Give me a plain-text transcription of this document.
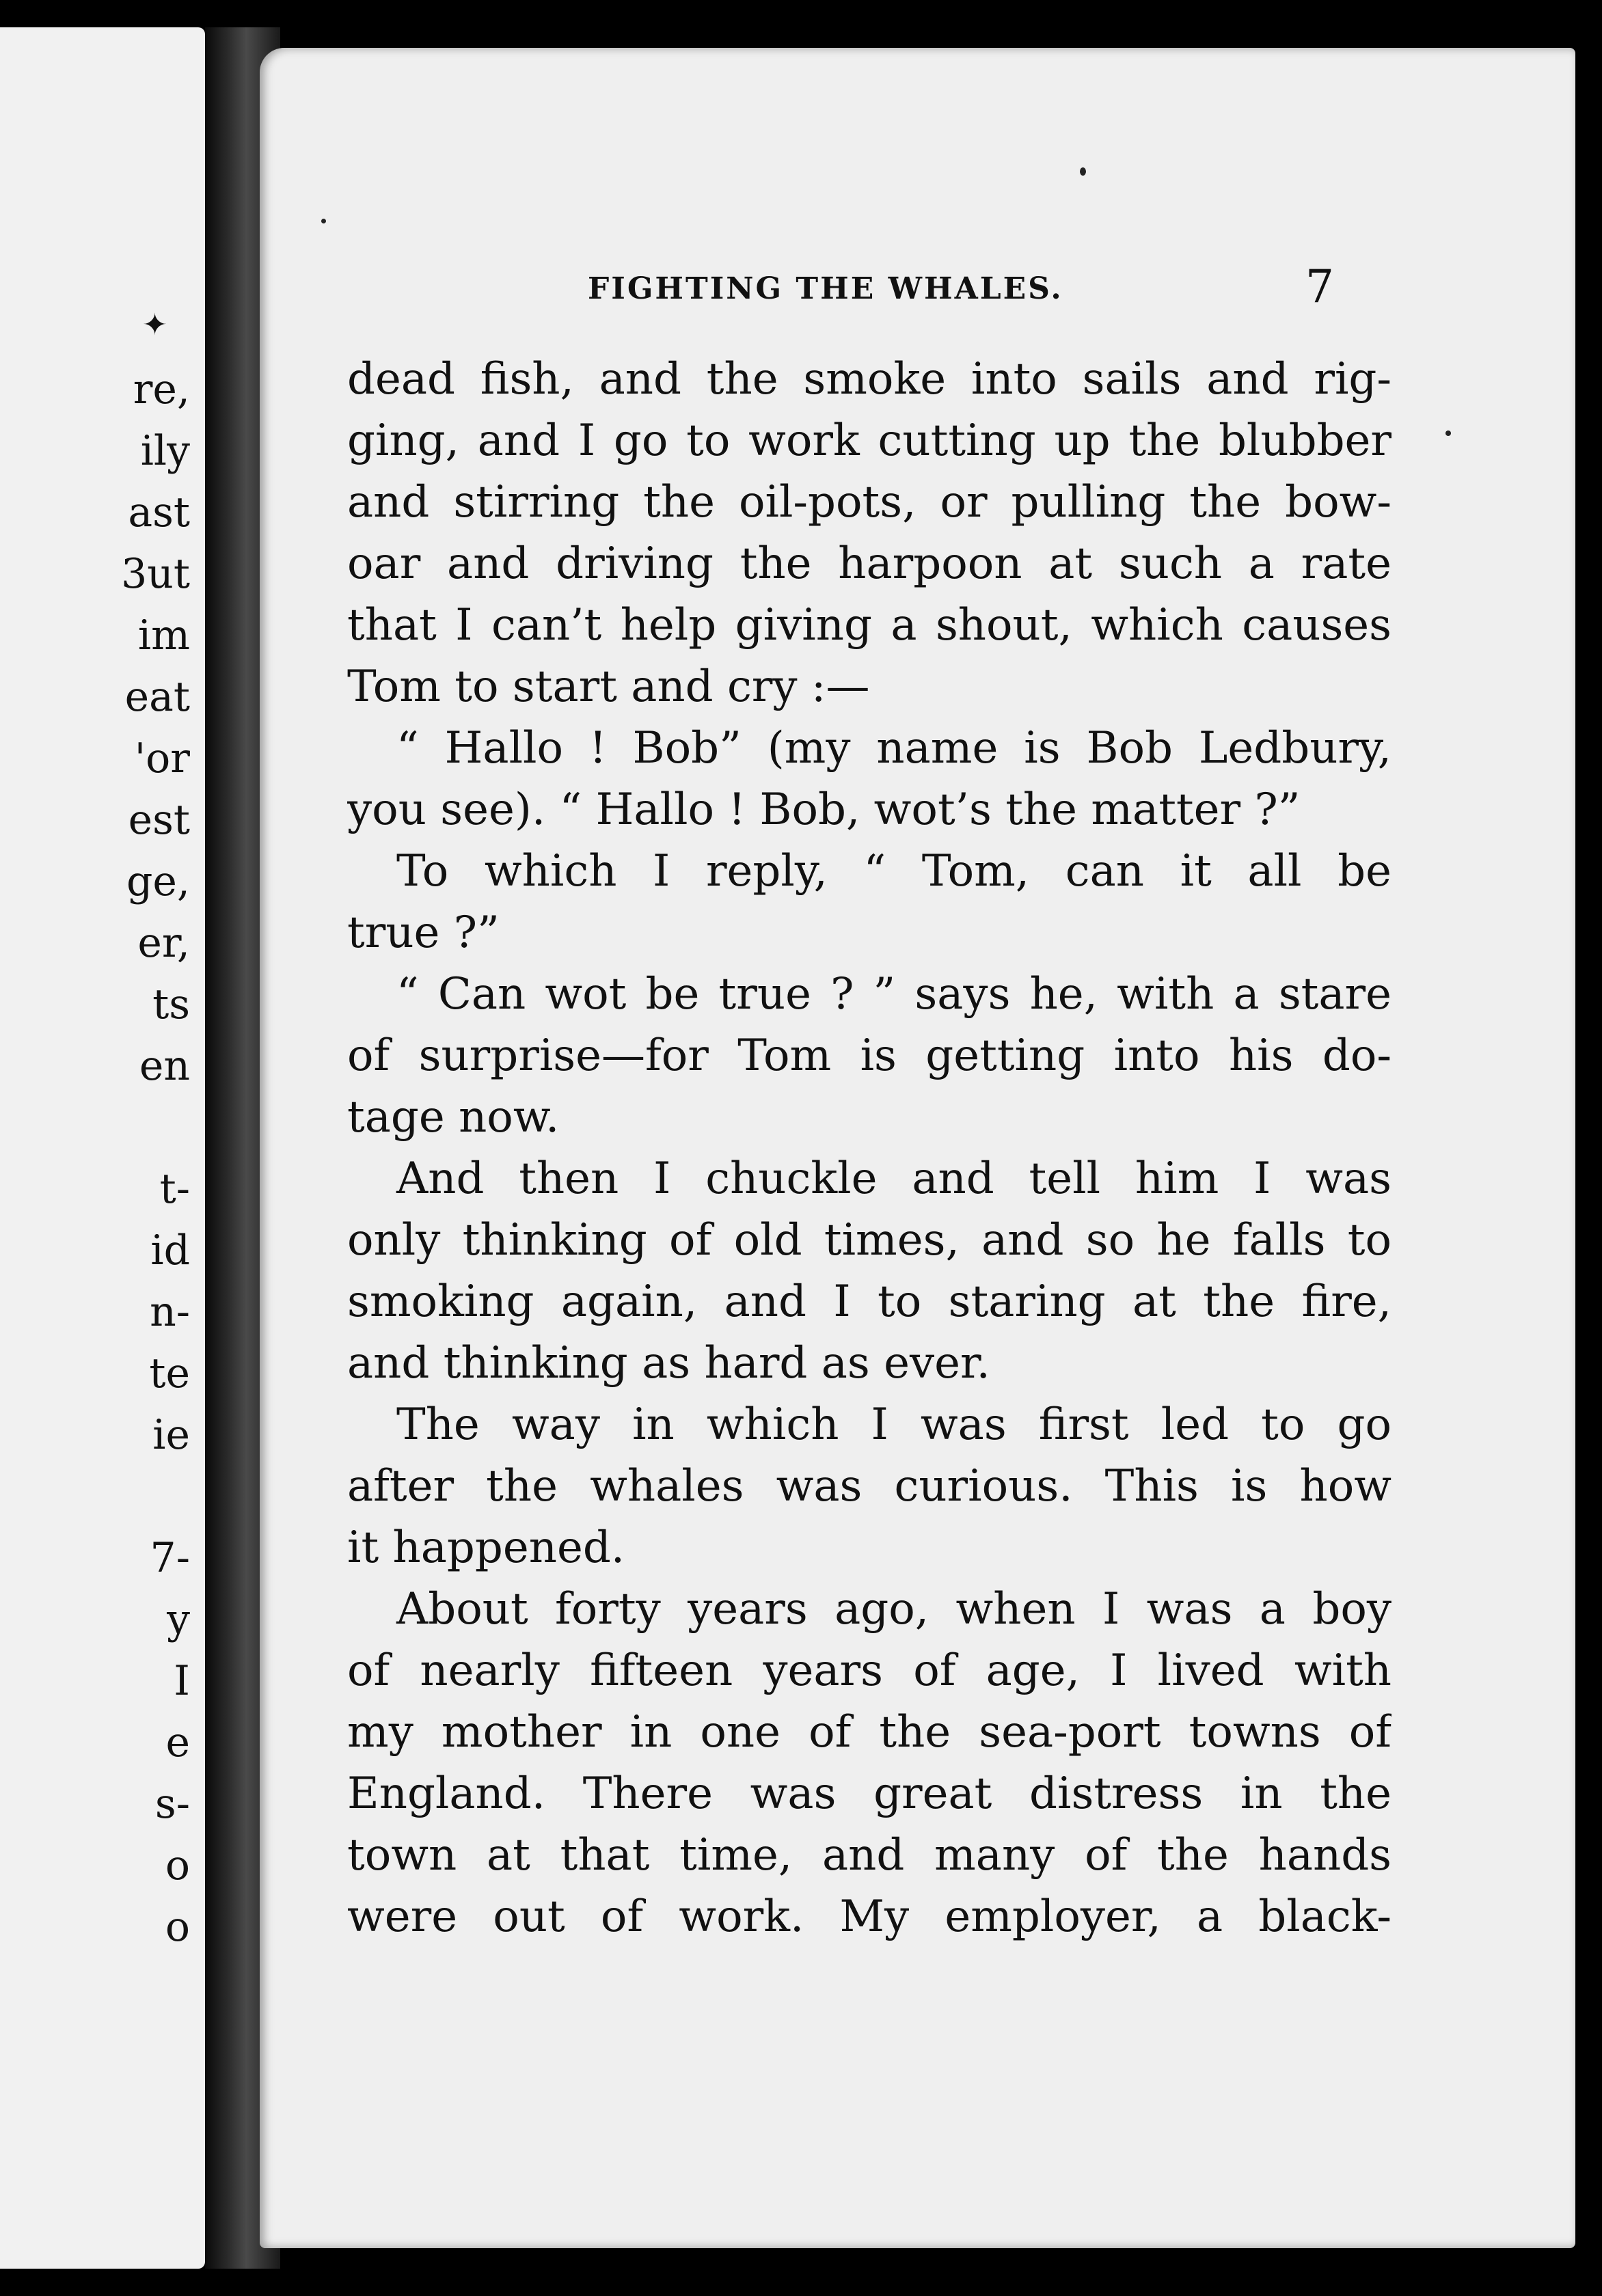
✦
re,
ily
ast
3ut
im
eat
'or
est
ge,
er,
ts
en
t-
id
n-
te
ie
7-
y
I
e
s-
o
o
FIGHTING THE WHALES.	7
dead fish, and the smoke into sails and rig-
ging, and I go to work cutting up the blubber
and stirring the oil-pots, or pulling the bow-
oar and driving the harpoon at such a rate
that I can’t help giving a shout, which causes
Tom to start and cry :—
“ Hallo ! Bob” (my name is Bob Ledbury,
you see). “ Hallo ! Bob, wot’s the matter ?”
To which I reply, “ Tom, can it all be
true ?”
“ Can wot be true ? ” says he, with a stare
of surprise—for Tom is getting into his do-
tage now.
And then I chuckle and tell him I was
only thinking of old times, and so he falls to
smoking again, and I to staring at the fire,
and thinking as hard as ever.
The way in which I was first led to go
after the whales was curious. This is how
it happened.
About forty years ago, when I was a boy
of nearly fifteen years of age, I lived with
my mother in one of the sea-port towns of
England. There was great distress in the
town at that time, and many of the hands
were out of work. My employer, a black-
